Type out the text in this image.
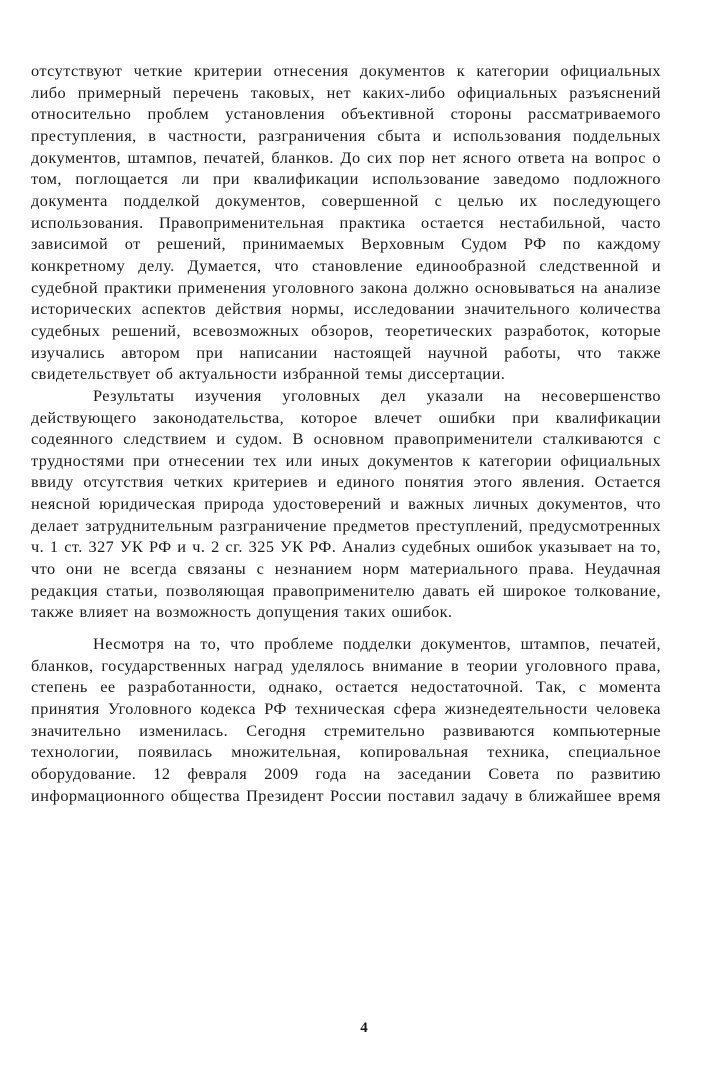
отсутствуют четкие критерии отнесения документов к категории официальных либо примерный перечень таковых, нет каких-либо официальных разъяснений относительно проблем установления объективной стороны рассматриваемого преступления, в частности, разграничения сбыта и использования поддельных документов, штампов, печатей, бланков. До сих пор нет ясного ответа на вопрос о том, поглощается ли при квалификации использование заведомо подложного документа подделкой документов, совершенной с целью их последующего использования. Правоприменительная практика остается нестабильной, часто зависимой от решений, принимаемых Верховным Судом РФ по каждому конкретному делу. Думается, что становление единообразной следственной и судебной практики применения уголовного закона должно основываться на анализе исторических аспектов действия нормы, исследовании значительного количества судебных решений, всевозможных обзоров, теоретических разработок, которые изучались автором при написании настоящей научной работы, что также свидетельствует об актуальности избранной темы диссертации.

Результаты изучения уголовных дел указали на несовершенство действующего законодательства, которое влечет ошибки при квалификации содеянного следствием и судом. В основном правоприменители сталкиваются с трудностями при отнесении тех или иных документов к категории официальных ввиду отсутствия четких критериев и единого понятия этого явления. Остается неясной юридическая природа удостоверений и важных личных документов, что делает затруднительным разграничение предметов преступлений, предусмотренных ч. 1 ст. 327 УК РФ и ч. 2 сг. 325 УК РФ. Анализ судебных ошибок указывает на то, что они не всегда связаны с незнанием норм материального права. Неудачная редакция статьи, позволяющая правоприменителю давать ей широкое толкование, также влияет на возможность допущения таких ошибок.

Несмотря на то, что проблеме подделки документов, штампов, печатей, бланков, государственных наград уделялось внимание в теории уголовного права, степень ее разработанности, однако, остается недостаточной. Так, с момента принятия Уголовного кодекса РФ техническая сфера жизнедеятельности человека значительно изменилась. Сегодня стремительно развиваются компьютерные технологии, появилась множительная, копировальная техника, специальное оборудование. 12 февраля 2009 года на заседании Совета по развитию информационного общества Президент России поставил задачу в ближайшее время

4
